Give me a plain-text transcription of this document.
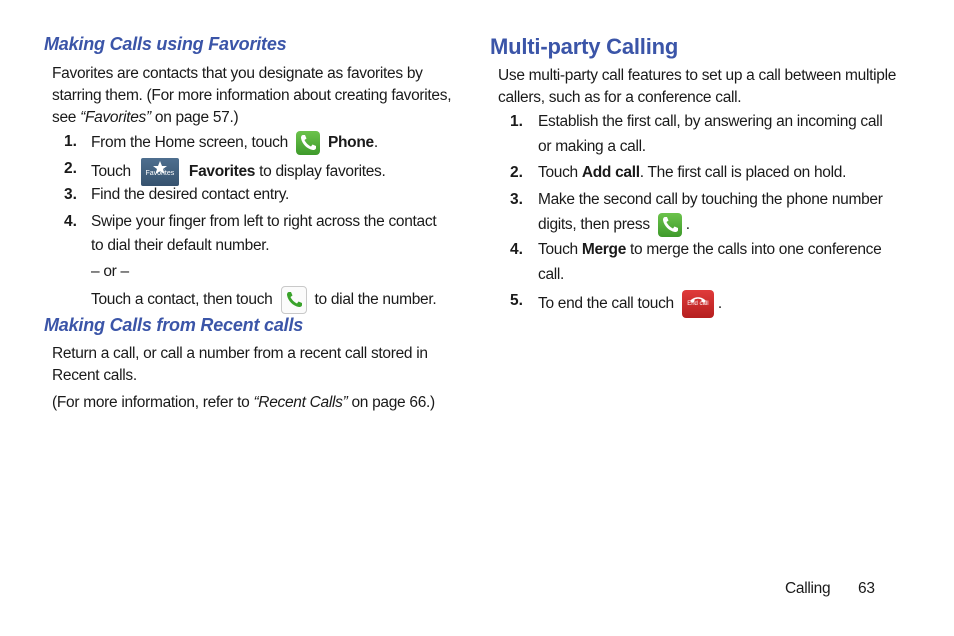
Making Calls using Favorites
Favorites are contacts that you designate as favorites by
starring them. (For more information about creating favorites,
see “Favorites” on page 57.)
1. From the Home screen, touch	Phone.
2. Touch	Favorites Favorites to display favorites.
3. Find the desired contact entry.
4. Swipe your finger from left to right across the contact
to dial their default number.
– or –
Touch a contact, then touch	to dial the number.
Making Calls from Recent calls
Return a call, or call a number from a recent call stored in
Recent calls.
(For more information, refer to “Recent Calls” on page 66.)
Multi-party Calling
Use multi-party call features to set up a call between multiple
callers, such as for a conference call.
1. Establish the first call, by answering an incoming call
or making a call.
2. Touch Add call. The first call is placed on hold.
3. Make the second call by touching the phone number
digits, then press .
4. Touch Merge to merge the calls into one conference
call.
5. To end the call touch	End call .
Calling 63
